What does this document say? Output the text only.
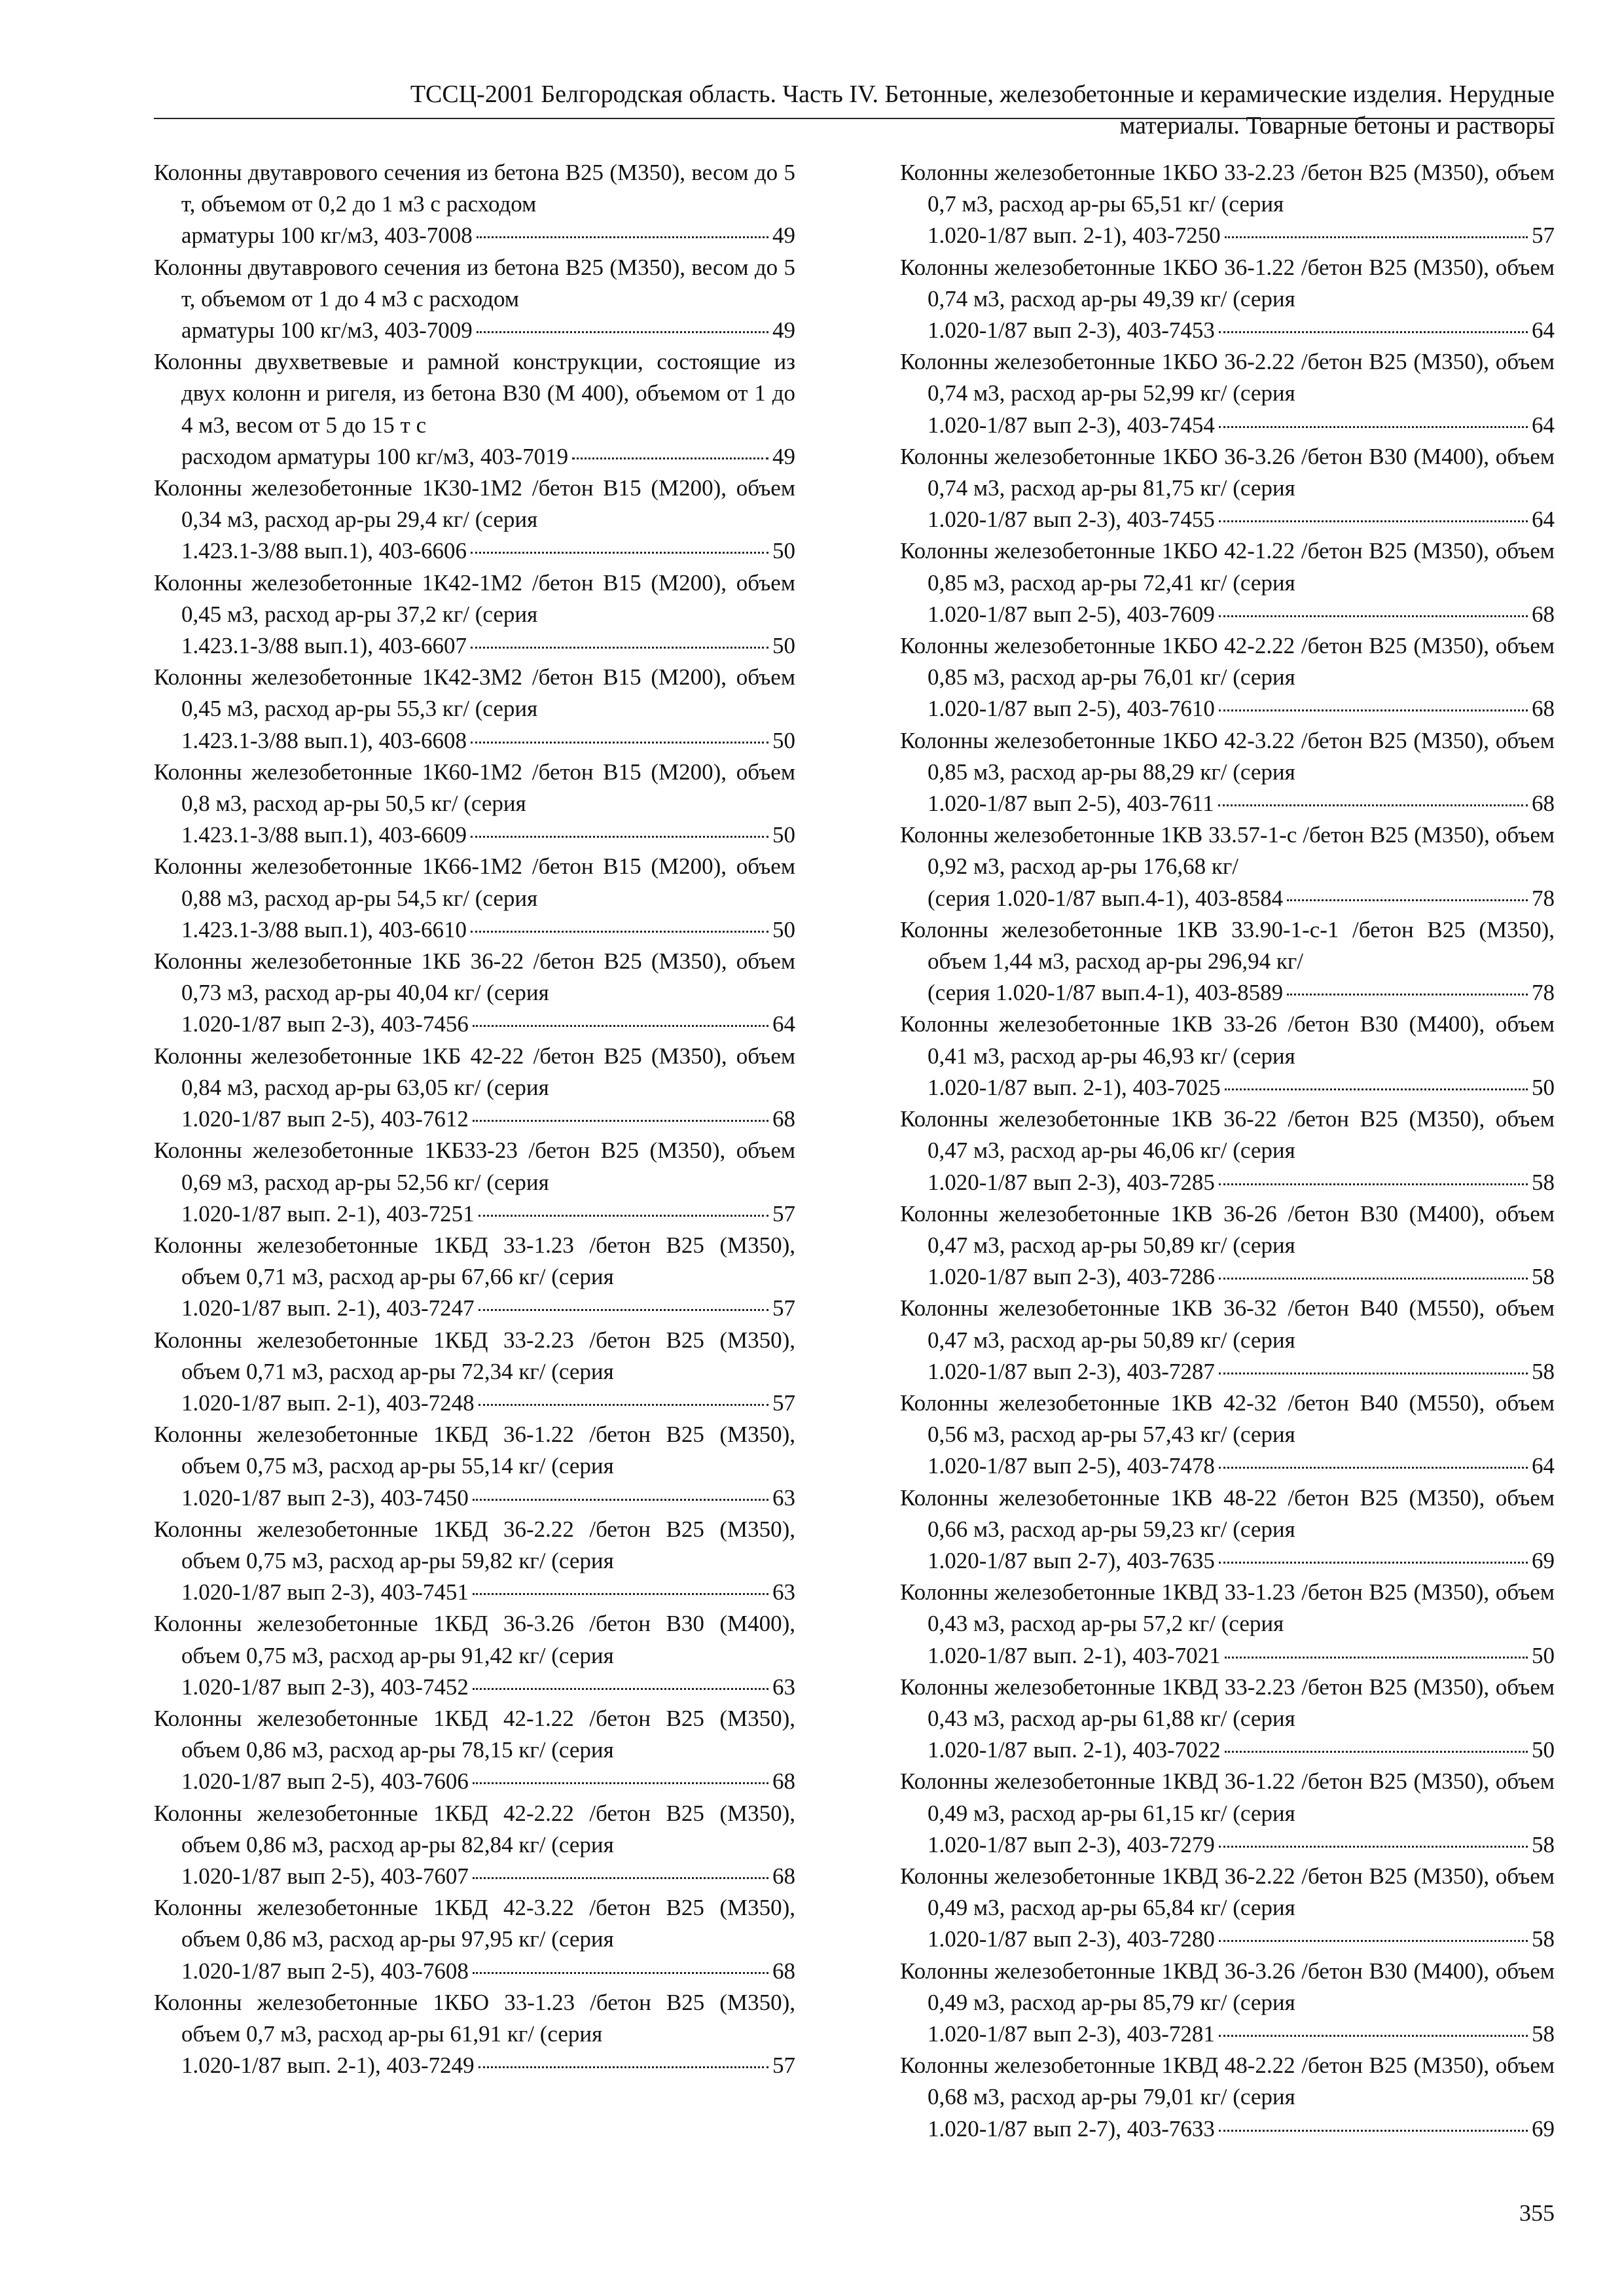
ТССЦ-2001 Белгородская область. Часть IV. Бетонные, железобетонные и керамические изделия. Нерудные
материалы. Товарные бетоны и растворы
Колонны двутаврового сечения из бетона В25 (М350), весом до 5 т, объемом от 0,2 до 1 м3 с расходом
арматуры 100 кг/м3, 403-7008	49
Колонны двутаврового сечения из бетона В25 (М350), весом до 5 т, объемом от 1 до 4 м3 с расходом
арматуры 100 кг/м3, 403-7009	49
Колонны двухветвевые и рамной конструкции, состоящие из двух колонн и ригеля, из бетона В30 (М 400), объемом от 1 до 4 м3, весом от 5 до 15 т с
расходом арматуры 100 кг/м3, 403-7019	49
Колонны железобетонные 1К30-1М2 /бетон В15 (М200), объем 0,34 м3, расход ар-ры 29,4 кг/ (серия
1.423.1-3/88 вып.1), 403-6606	50
Колонны железобетонные 1К42-1М2 /бетон В15 (М200), объем 0,45 м3, расход ар-ры 37,2 кг/ (серия
1.423.1-3/88 вып.1), 403-6607	50
Колонны железобетонные 1К42-3М2 /бетон В15 (М200), объем 0,45 м3, расход ар-ры 55,3 кг/ (серия
1.423.1-3/88 вып.1), 403-6608	50
Колонны железобетонные 1К60-1М2 /бетон В15 (М200), объем 0,8 м3, расход ар-ры 50,5 кг/ (серия
1.423.1-3/88 вып.1), 403-6609	50
Колонны железобетонные 1К66-1М2 /бетон В15 (М200), объем 0,88 м3, расход ар-ры 54,5 кг/ (серия
1.423.1-3/88 вып.1), 403-6610	50
Колонны железобетонные 1КБ 36-22 /бетон В25 (М350), объем 0,73 м3, расход ар-ры 40,04 кг/ (серия
1.020-1/87 вып 2-3), 403-7456	64
Колонны железобетонные 1КБ 42-22 /бетон В25 (М350), объем 0,84 м3, расход ар-ры 63,05 кг/ (серия
1.020-1/87 вып 2-5), 403-7612	68
Колонны железобетонные 1КБ33-23 /бетон В25 (М350), объем 0,69 м3, расход ар-ры 52,56 кг/ (серия
1.020-1/87 вып. 2-1), 403-7251	57
Колонны железобетонные 1КБД 33-1.23 /бетон В25 (М350), объем 0,71 м3, расход ар-ры 67,66 кг/ (серия
1.020-1/87 вып. 2-1), 403-7247	57
Колонны железобетонные 1КБД 33-2.23 /бетон В25 (М350), объем 0,71 м3, расход ар-ры 72,34 кг/ (серия
1.020-1/87 вып. 2-1), 403-7248	57
Колонны железобетонные 1КБД 36-1.22 /бетон В25 (М350), объем 0,75 м3, расход ар-ры 55,14 кг/ (серия
1.020-1/87 вып 2-3), 403-7450	63
Колонны железобетонные 1КБД 36-2.22 /бетон В25 (М350), объем 0,75 м3, расход ар-ры 59,82 кг/ (серия
1.020-1/87 вып 2-3), 403-7451	63
Колонны железобетонные 1КБД 36-3.26 /бетон В30 (М400), объем 0,75 м3, расход ар-ры 91,42 кг/ (серия
1.020-1/87 вып 2-3), 403-7452	63
Колонны железобетонные 1КБД 42-1.22 /бетон В25 (М350), объем 0,86 м3, расход ар-ры 78,15 кг/ (серия
1.020-1/87 вып 2-5), 403-7606	68
Колонны железобетонные 1КБД 42-2.22 /бетон В25 (М350), объем 0,86 м3, расход ар-ры 82,84 кг/ (серия
1.020-1/87 вып 2-5), 403-7607	68
Колонны железобетонные 1КБД 42-3.22 /бетон В25 (М350), объем 0,86 м3, расход ар-ры 97,95 кг/ (серия
1.020-1/87 вып 2-5), 403-7608	68
Колонны железобетонные 1КБО 33-1.23 /бетон В25 (М350), объем 0,7 м3, расход ар-ры 61,91 кг/ (серия
1.020-1/87 вып. 2-1), 403-7249	57
Колонны железобетонные 1КБО 33-2.23 /бетон В25 (М350), объем 0,7 м3, расход ар-ры 65,51 кг/ (серия
1.020-1/87 вып. 2-1), 403-7250	57
Колонны железобетонные 1КБО 36-1.22 /бетон В25 (М350), объем 0,74 м3, расход ар-ры 49,39 кг/ (серия
1.020-1/87 вып 2-3), 403-7453	64
Колонны железобетонные 1КБО 36-2.22 /бетон В25 (М350), объем 0,74 м3, расход ар-ры 52,99 кг/ (серия
1.020-1/87 вып 2-3), 403-7454	64
Колонны железобетонные 1КБО 36-3.26 /бетон В30 (М400), объем 0,74 м3, расход ар-ры 81,75 кг/ (серия
1.020-1/87 вып 2-3), 403-7455	64
Колонны железобетонные 1КБО 42-1.22 /бетон В25 (М350), объем 0,85 м3, расход ар-ры 72,41 кг/ (серия
1.020-1/87 вып 2-5), 403-7609	68
Колонны железобетонные 1КБО 42-2.22 /бетон В25 (М350), объем 0,85 м3, расход ар-ры 76,01 кг/ (серия
1.020-1/87 вып 2-5), 403-7610	68
Колонны железобетонные 1КБО 42-3.22 /бетон В25 (М350), объем 0,85 м3, расход ар-ры 88,29 кг/ (серия
1.020-1/87 вып 2-5), 403-7611	68
Колонны железобетонные 1КВ 33.57-1-с /бетон В25 (М350), объем 0,92 м3, расход ар-ры 176,68 кг/
(серия 1.020-1/87 вып.4-1), 403-8584	78
Колонны железобетонные 1КВ 33.90-1-с-1 /бетон В25 (М350), объем 1,44 м3, расход ар-ры 296,94 кг/
(серия 1.020-1/87 вып.4-1), 403-8589	78
Колонны железобетонные 1КВ 33-26 /бетон В30 (М400), объем 0,41 м3, расход ар-ры 46,93 кг/ (серия
1.020-1/87 вып. 2-1), 403-7025	50
Колонны железобетонные 1КВ 36-22 /бетон В25 (М350), объем 0,47 м3, расход ар-ры 46,06 кг/ (серия
1.020-1/87 вып 2-3), 403-7285	58
Колонны железобетонные 1КВ 36-26 /бетон В30 (М400), объем 0,47 м3, расход ар-ры 50,89 кг/ (серия
1.020-1/87 вып 2-3), 403-7286	58
Колонны железобетонные 1КВ 36-32 /бетон В40 (М550), объем 0,47 м3, расход ар-ры 50,89 кг/ (серия
1.020-1/87 вып 2-3), 403-7287	58
Колонны железобетонные 1КВ 42-32 /бетон В40 (М550), объем 0,56 м3, расход ар-ры 57,43 кг/ (серия
1.020-1/87 вып 2-5), 403-7478	64
Колонны железобетонные 1КВ 48-22 /бетон В25 (М350), объем 0,66 м3, расход ар-ры 59,23 кг/ (серия
1.020-1/87 вып 2-7), 403-7635	69
Колонны железобетонные 1КВД 33-1.23 /бетон В25 (М350), объем 0,43 м3, расход ар-ры 57,2 кг/ (серия
1.020-1/87 вып. 2-1), 403-7021	50
Колонны железобетонные 1КВД 33-2.23 /бетон В25 (М350), объем 0,43 м3, расход ар-ры 61,88 кг/ (серия
1.020-1/87 вып. 2-1), 403-7022	50
Колонны железобетонные 1КВД 36-1.22 /бетон В25 (М350), объем 0,49 м3, расход ар-ры 61,15 кг/ (серия
1.020-1/87 вып 2-3), 403-7279	58
Колонны железобетонные 1КВД 36-2.22 /бетон В25 (М350), объем 0,49 м3, расход ар-ры 65,84 кг/ (серия
1.020-1/87 вып 2-3), 403-7280	58
Колонны железобетонные 1КВД 36-3.26 /бетон В30 (М400), объем 0,49 м3, расход ар-ры 85,79 кг/ (серия
1.020-1/87 вып 2-3), 403-7281	58
Колонны железобетонные 1КВД 48-2.22 /бетон В25 (М350), объем 0,68 м3, расход ар-ры 79,01 кг/ (серия
1.020-1/87 вып 2-7), 403-7633	69
355
